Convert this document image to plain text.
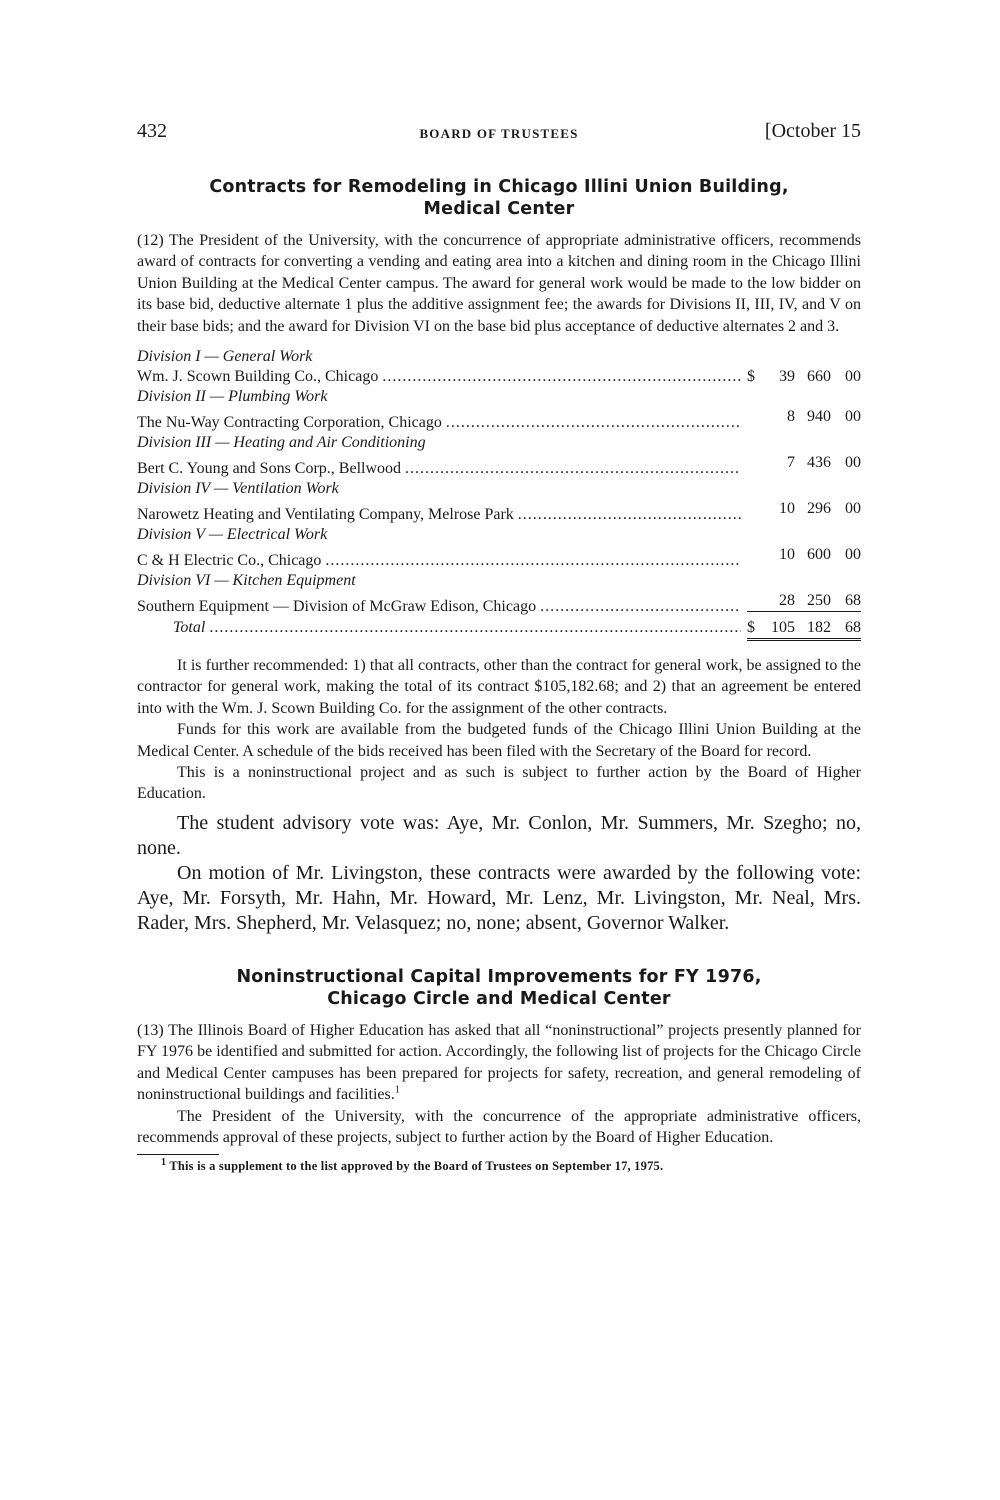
432	BOARD OF TRUSTEES	[October 15
Contracts for Remodeling in Chicago Illini Union Building,
Medical Center

(12) The President of the University, with the concurrence of appropriate administrative officers, recommends award of contracts for converting a vending and eating area into a kitchen and dining room in the Chicago Illini Union Building at the Medical Center campus. The award for general work would be made to the low bidder on its base bid, deductive alternate 1 plus the additive assignment fee; the awards for Divisions II, III, IV, and V on their base bids; and the award for Division VI on the base bid plus acceptance of deductive alternates 2 and 3.

Division I — General Work
Wm. J. Scown Building Co., Chicago .....	$	39 660 00
Division II — Plumbing Work
The Nu-Way Contracting Corporation, Chicago .....	8 940 00
Division III — Heating and Air Conditioning
Bert C. Young and Sons Corp., Bellwood .....	7 436 00
Division IV — Ventilation Work
Narowetz Heating and Ventilating Company, Melrose Park .....	10 296 00
Division V — Electrical Work
C & H Electric Co., Chicago .....	10 600 00
Division VI — Kitchen Equipment
Southern Equipment — Division of McGraw Edison, Chicago .....	28 250 68
Total .....	$	105 182 68

It is further recommended: 1) that all contracts, other than the contract for general work, be assigned to the contractor for general work, making the total of its contract $105,182.68; and 2) that an agreement be entered into with the Wm. J. Scown Building Co. for the assignment of the other contracts.

Funds for this work are available from the budgeted funds of the Chicago Illini Union Building at the Medical Center. A schedule of the bids received has been filed with the Secretary of the Board for record.

This is a noninstructional project and as such is subject to further action by the Board of Higher Education.

The student advisory vote was: Aye, Mr. Conlon, Mr. Summers, Mr. Szegho; no, none.

On motion of Mr. Livingston, these contracts were awarded by the following vote: Aye, Mr. Forsyth, Mr. Hahn, Mr. Howard, Mr. Lenz, Mr. Livingston, Mr. Neal, Mrs. Rader, Mrs. Shepherd, Mr. Velasquez; no, none; absent, Governor Walker.

Noninstructional Capital Improvements for FY 1976,
Chicago Circle and Medical Center

(13) The Illinois Board of Higher Education has asked that all “noninstructional” projects presently planned for FY 1976 be identified and submitted for action. Accordingly, the following list of projects for the Chicago Circle and Medical Center campuses has been prepared for projects for safety, recreation, and general remodeling of noninstructional buildings and facilities.$^1$

The President of the University, with the concurrence of the appropriate administrative officers, recommends approval of these projects, subject to further action by the Board of Higher Education.

$^1$ This is a supplement to the list approved by the Board of Trustees on September 17, 1975.
